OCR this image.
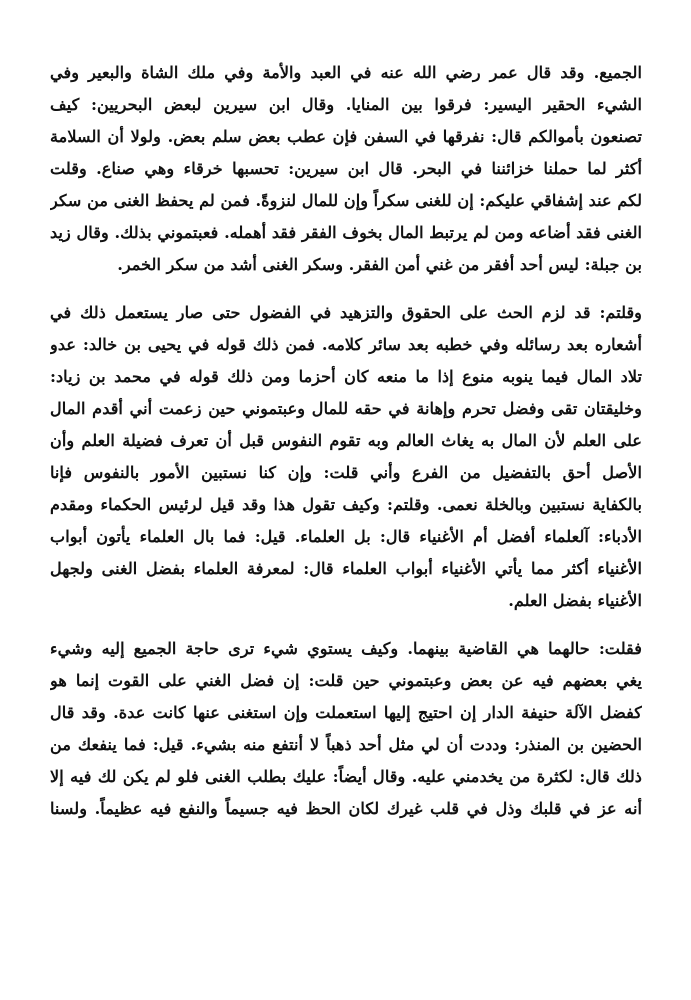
الجميع. وقد قال عمر رضي الله عنه في العبد والأمة وفي ملك الشاة والبعير وفي
الشيء الحقير اليسير: فرقوا بين المنايا. وقال ابن سيرين لبعض البحريين: كيف
تصنعون بأموالكم قال: نفرقها في السفن فإن عطب بعض سلم بعض. ولولا أن السلامة
أكثر لما حملنا خزائننا في البحر. قال ابن سيرين: تحسبها خرقاء وهي صناع. وقلت
لكم عند إشفاقي عليكم: إن للغنى سكراً وإن للمال لنزوةً. فمن لم يحفظ الغنى من سكر
الغنى فقد أضاعه ومن لم يرتبط المال بخوف الفقر فقد أهمله. فعبتموني بذلك. وقال زيد
بن جبلة: ليس أحد أفقر من غني أمن الفقر. وسكر الغنى أشد من سكر الخمر.
وقلتم: قد لزم الحث على الحقوق والتزهيد في الفضول حتى صار يستعمل ذلك في
أشعاره بعد رسائله وفي خطبه بعد سائر كلامه. فمن ذلك قوله في يحيى بن خالد: عدو
تلاد المال فيما ينوبه منوع إذا ما منعه كان أحزما ومن ذلك قوله في محمد بن زياد:
وخليقتان تقى وفضل تحرم وإهانة في حقه للمال وعبتموني حين زعمت أني أقدم المال
على العلم لأن المال به يغاث العالم وبه تقوم النفوس قبل أن تعرف فضيلة العلم وأن
الأصل أحق بالتفضيل من الفرع وأني قلت: وإن كنا نستبين الأمور بالنفوس فإنا
بالكفاية نستبين وبالخلة نعمى. وقلتم: وكيف تقول هذا وقد قيل لرئيس الحكماء ومقدم
الأدباء: آلعلماء أفضل أم الأغنياء قال: بل العلماء. قيل: فما بال العلماء يأتون أبواب
الأغنياء أكثر مما يأتي الأغنياء أبواب العلماء قال: لمعرفة العلماء بفضل الغنى ولجهل
الأغنياء بفضل العلم.
فقلت: حالهما هي القاضية بينهما. وكيف يستوي شيء ترى حاجة الجميع إليه وشيء
يغي بعضهم فيه عن بعض وعبتموني حين قلت: إن فضل الغني على القوت إنما هو
كفضل الآلة حنيفة الدار إن احتيج إليها استعملت وإن استغنى عنها كانت عدة. وقد قال
الحضين بن المنذر: وددت أن لي مثل أحد ذهباً لا أنتفع منه بشيء. قيل: فما ينفعك من
ذلك قال: لكثرة من يخدمني عليه. وقال أيضاً: عليك بطلب الغنى فلو لم يكن لك فيه إلا
أنه عز في قلبك وذل في قلب غيرك لكان الحظ فيه جسيماً والنفع فيه عظيماً. ولسنا
